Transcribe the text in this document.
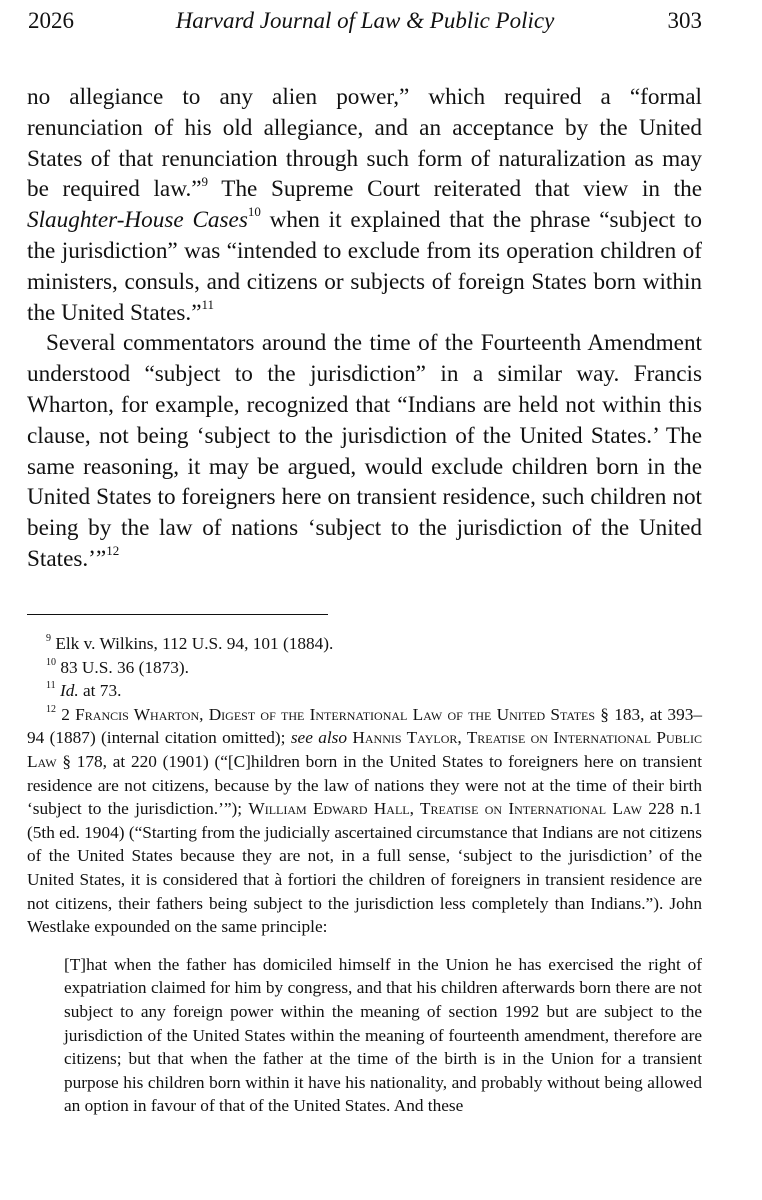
2026	Harvard Journal of Law & Public Policy	303

no allegiance to any alien power,” which required a “formal renunciation of his old allegiance, and an acceptance by the United States of that renunciation through such form of naturalization as may be required law.”$^9$ The Supreme Court reiterated that view in the Slaughter-House Cases$^{10}$ when it explained that the phrase “subject to the jurisdiction” was “intended to exclude from its operation children of ministers, consuls, and citizens or subjects of foreign States born within the United States.”$^{11}$

Several commentators around the time of the Fourteenth Amendment understood “subject to the jurisdiction” in a similar way. Francis Wharton, for example, recognized that “Indians are held not within this clause, not being ‘subject to the jurisdiction of the United States.’ The same reasoning, it may be argued, would exclude children born in the United States to foreigners here on transient residence, such children not being by the law of nations ‘subject to the jurisdiction of the United States.’”$^{12}$

$^9$ Elk v. Wilkins, 112 U.S. 94, 101 (1884).

$^{10}$ 83 U.S. 36 (1873).

$^{11}$ Id. at 73.

$^{12}$ 2 Francis Wharton, Digest of the International Law of the United States § 183, at 393–94 (1887) (internal citation omitted); see also Hannis Taylor, Treatise on International Public Law § 178, at 220 (1901) (“[C]hildren born in the United States to foreigners here on transient residence are not citizens, because by the law of nations they were not at the time of their birth ‘subject to the jurisdiction.’”); William Edward Hall, Treatise on International Law 228 n.1 (5th ed. 1904) (“Starting from the judicially ascertained circumstance that Indians are not citizens of the United States because they are not, in a full sense, ‘subject to the jurisdiction’ of the United States, it is considered that à fortiori the children of foreigners in transient residence are not citizens, their fathers being subject to the jurisdiction less completely than Indians.”). John Westlake expounded on the same principle:

[T]hat when the father has domiciled himself in the Union he has exercised the right of expatriation claimed for him by congress, and that his children afterwards born there are not subject to any foreign power within the meaning of section 1992 but are subject to the jurisdiction of the United States within the meaning of fourteenth amendment, therefore are citizens; but that when the father at the time of the birth is in the Union for a transient purpose his children born within it have his nationality, and probably without being allowed an option in favour of that of the United States. And these
